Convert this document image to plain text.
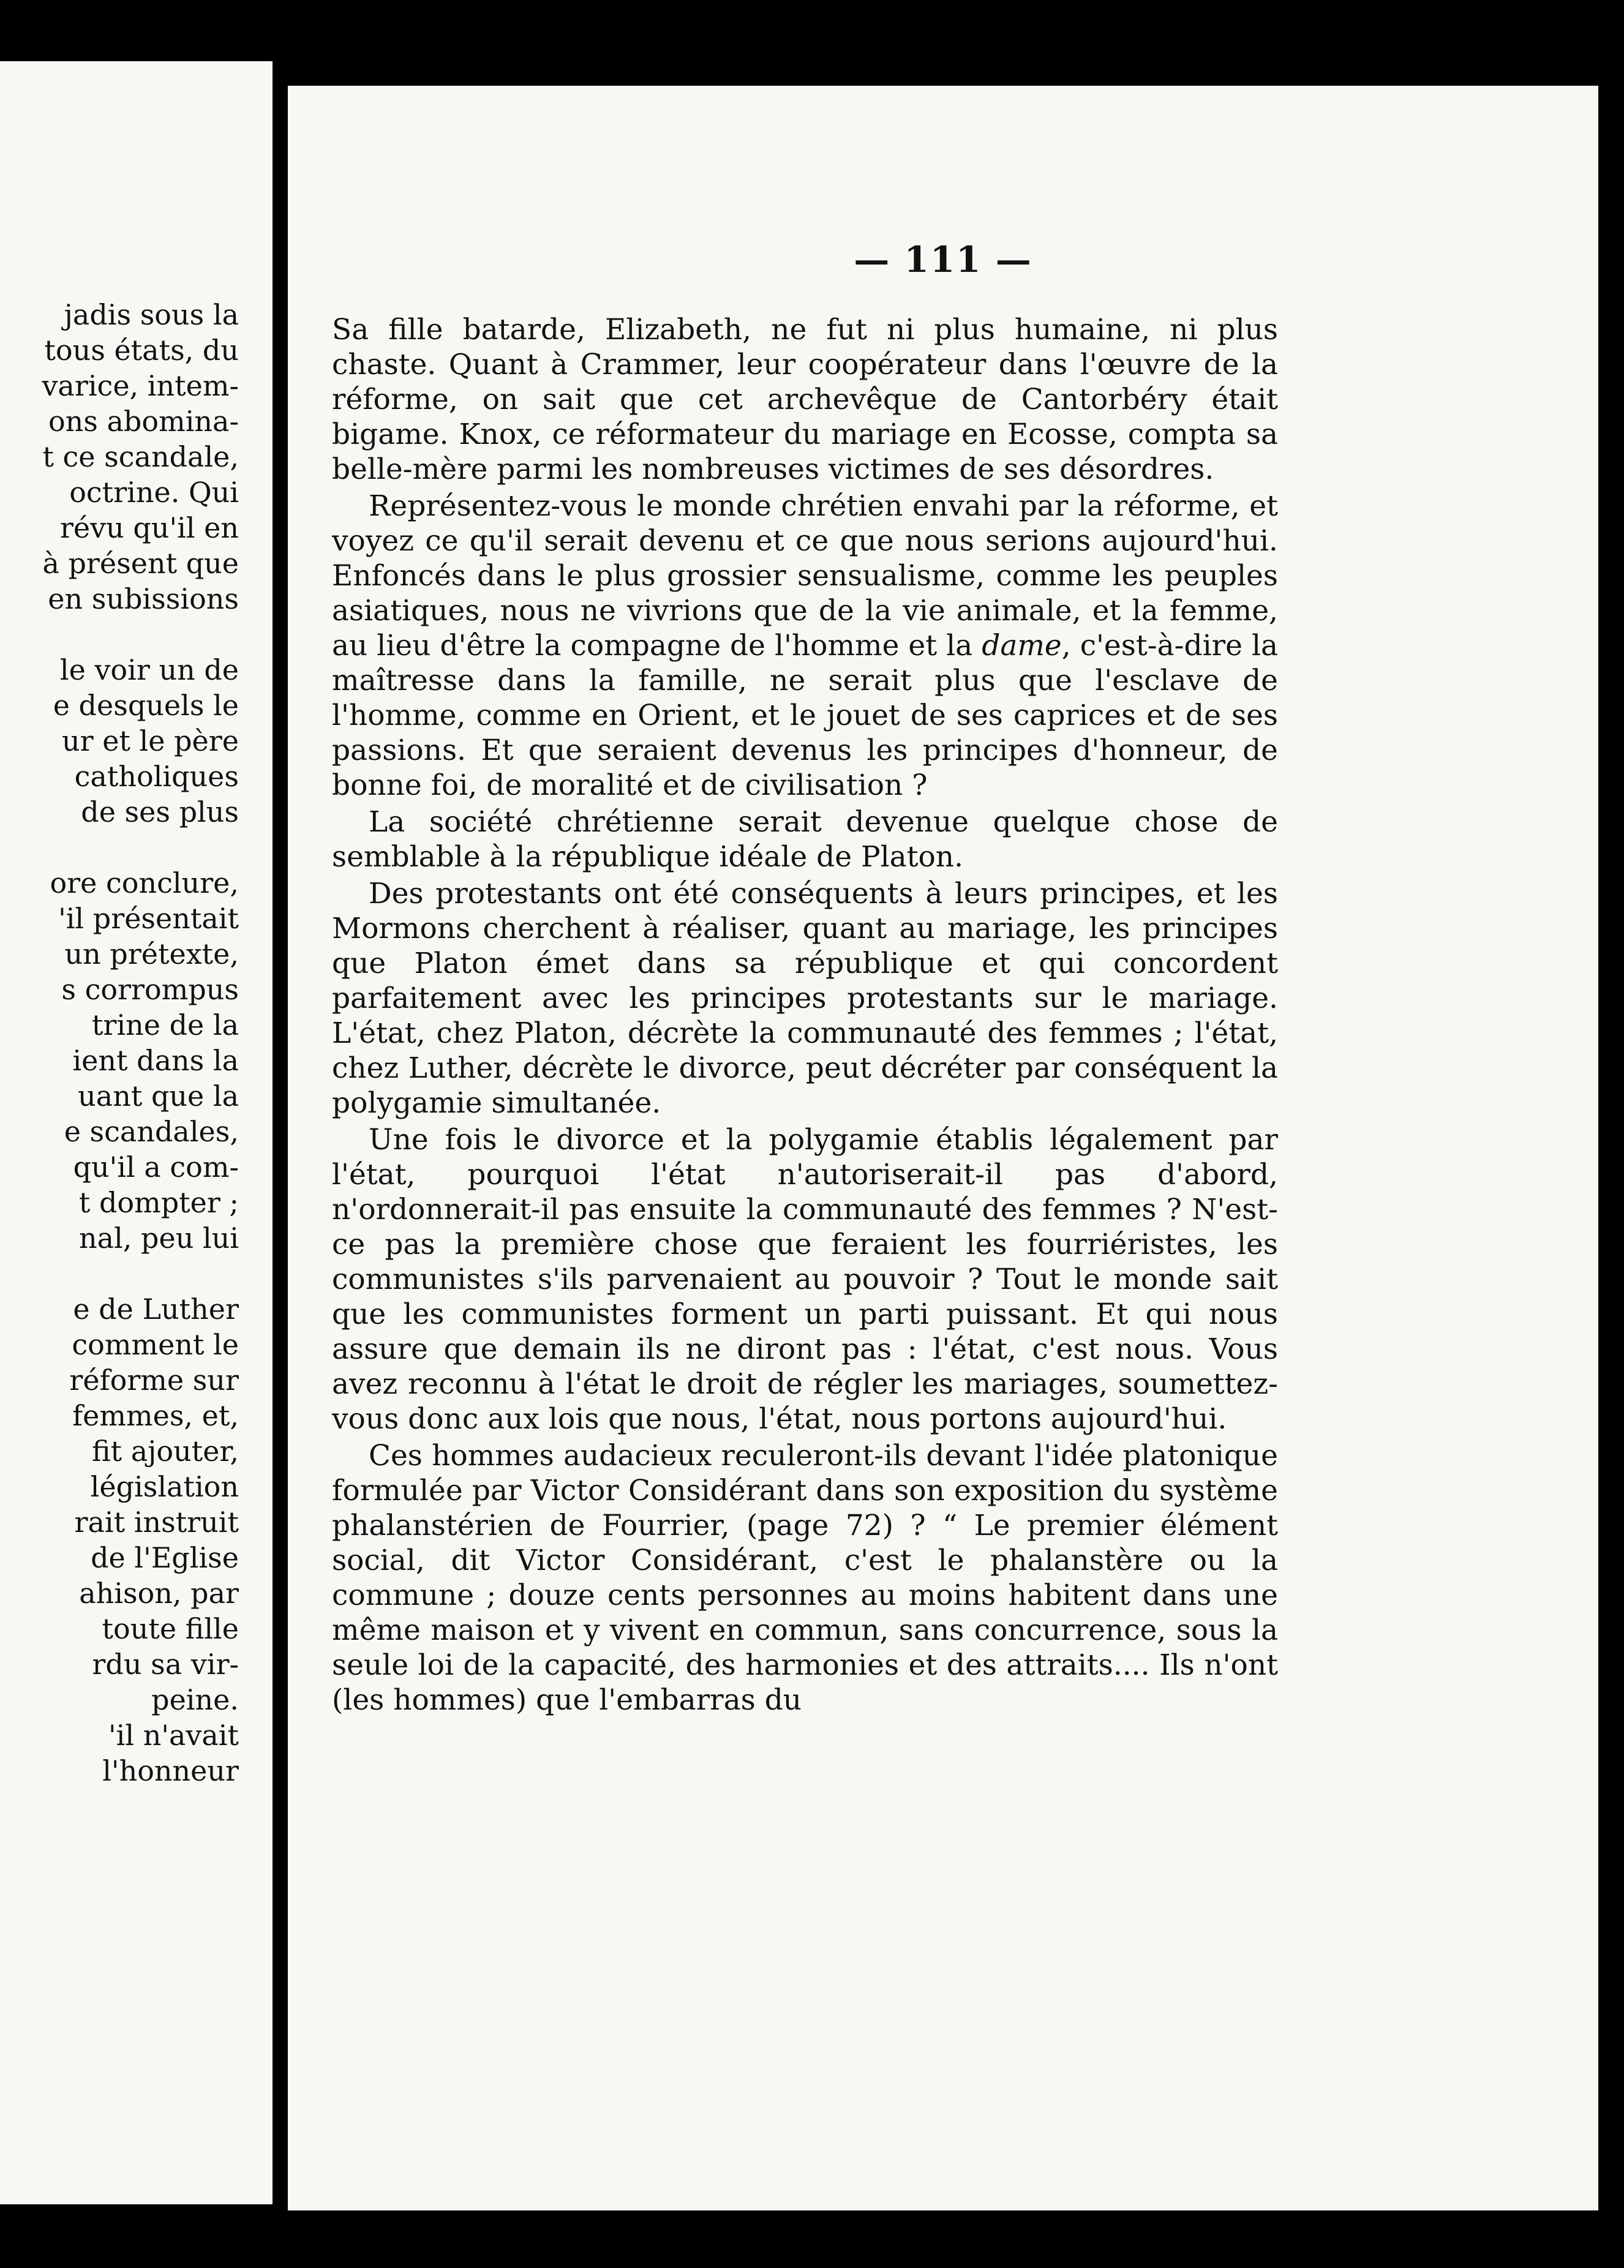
jadis sous la
tous états, du
varice, intem-
ons abomina-
t ce scandale,
octrine. Qui
révu qu'il en
à présent que
en subissions
le voir un de
e desquels le
ur et le père
catholiques
de ses plus
ore conclure,
'il présentait
un prétexte,
s corrompus
trine de la
ient dans la
uant que la
e scandales,
qu'il a com-
t dompter ;
nal, peu lui
e de Luther
comment le
réforme sur
femmes, et,
fit ajouter,
législation
rait instruit
de l'Eglise
ahison, par
toute fille
rdu sa vir-
peine.
'il n'avait
l'honneur
— 111 —

Sa fille batarde, Elizabeth, ne fut ni plus humaine, ni plus chaste. Quant à Crammer, leur coopérateur dans l'œuvre de la réforme, on sait que cet archevêque de Cantorbéry était bigame. Knox, ce réformateur du mariage en Ecosse, compta sa belle-mère parmi les nombreuses victimes de ses désordres.

Représentez-vous le monde chrétien envahi par la réforme, et voyez ce qu'il serait devenu et ce que nous serions aujourd'hui. Enfoncés dans le plus grossier sensualisme, comme les peuples asiatiques, nous ne vivrions que de la vie animale, et la femme, au lieu d'être la compagne de l'homme et la dame, c'est-à-dire la maîtresse dans la famille, ne serait plus que l'esclave de l'homme, comme en Orient, et le jouet de ses caprices et de ses passions. Et que seraient devenus les principes d'honneur, de bonne foi, de moralité et de civilisation ?

La société chrétienne serait devenue quelque chose de semblable à la république idéale de Platon.

Des protestants ont été conséquents à leurs principes, et les Mormons cherchent à réaliser, quant au mariage, les principes que Platon émet dans sa république et qui concordent parfaitement avec les principes protestants sur le mariage. L'état, chez Platon, décrète la communauté des femmes ; l'état, chez Luther, décrète le divorce, peut décréter par conséquent la polygamie simultanée.

Une fois le divorce et la polygamie établis légalement par l'état, pourquoi l'état n'autoriserait-il pas d'abord, n'ordonnerait-il pas ensuite la communauté des femmes ? N'est-ce pas la première chose que feraient les fourriéristes, les communistes s'ils parvenaient au pouvoir ? Tout le monde sait que les communistes forment un parti puissant. Et qui nous assure que demain ils ne diront pas : l'état, c'est nous. Vous avez reconnu à l'état le droit de régler les mariages, soumettez-vous donc aux lois que nous, l'état, nous portons aujourd'hui.

Ces hommes audacieux reculeront-ils devant l'idée platonique formulée par Victor Considérant dans son exposition du système phalanstérien de Fourrier, (page 72) ? “ Le premier élément social, dit Victor Considérant, c'est le phalanstère ou la commune ; douze cents personnes au moins habitent dans une même maison et y vivent en commun, sans concurrence, sous la seule loi de la capacité, des harmonies et des attraits.... Ils n'ont (les hommes) que l'embarras du
